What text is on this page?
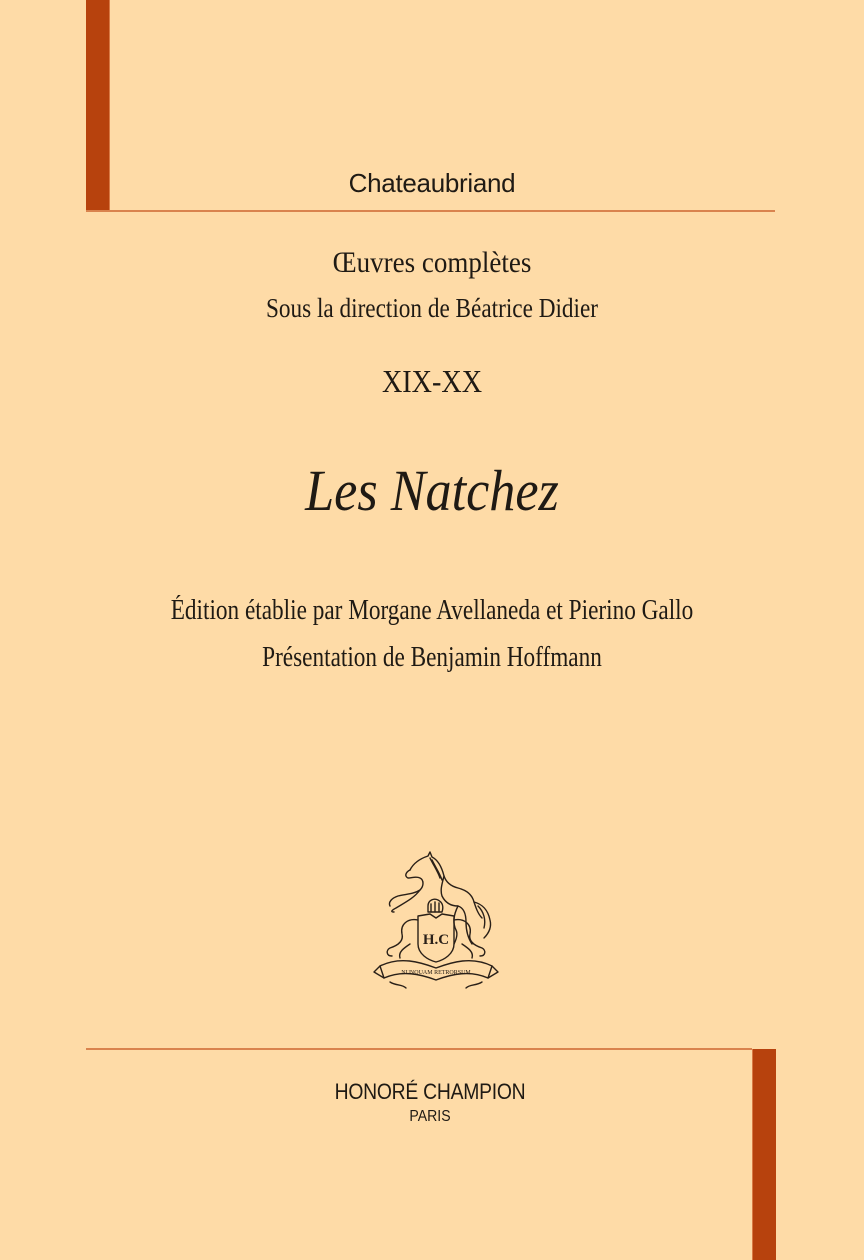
Chateaubriand
Œuvres complètes
Sous la direction de Béatrice Didier
XIX-XX
Les Natchez
Édition établie par Morgane Avellaneda et Pierino Gallo
Présentation de Benjamin Hoffmann
H.C
NUNQUAM RETRORSUM
HONORÉ CHAMPION
PARIS
